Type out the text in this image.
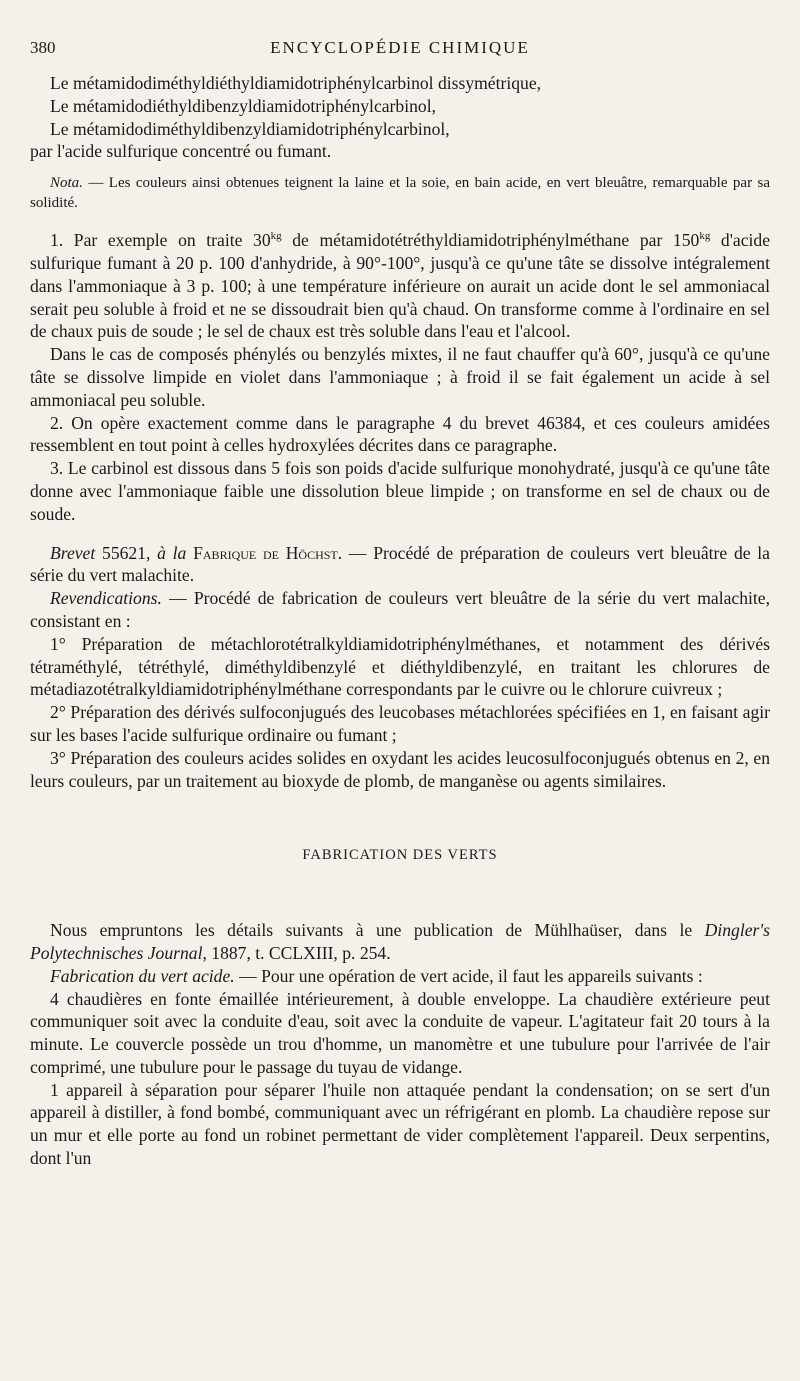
380	ENCYCLOPÉDIE CHIMIQUE

Le métamidodiméthyldiéthyldiamidotriphénylcarbinol dissymétrique,

Le métamidodiéthyldibenzyldiamidotriphénylcarbinol,

Le métamidodiméthyldibenzyldiamidotriphénylcarbinol,

par l'acide sulfurique concentré ou fumant.

Nota. — Les couleurs ainsi obtenues teignent la laine et la soie, en bain acide, en vert bleuâtre, remarquable par sa solidité.

1. Par exemple on traite $30^{kg}$ de métamidotétréthyldiamidotriphénylméthane par $150^{kg}$ d'acide sulfurique fumant à 20 p. 100 d'anhydride, à 90°-100°, jusqu'à ce qu'une tâte se dissolve intégralement dans l'ammoniaque à 3 p. 100; à une température inférieure on aurait un acide dont le sel ammoniacal serait peu soluble à froid et ne se dissoudrait bien qu'à chaud. On transforme comme à l'ordinaire en sel de chaux puis de soude ; le sel de chaux est très soluble dans l'eau et l'alcool.

Dans le cas de composés phénylés ou benzylés mixtes, il ne faut chauffer qu'à 60°, jusqu'à ce qu'une tâte se dissolve limpide en violet dans l'ammoniaque ; à froid il se fait également un acide à sel ammoniacal peu soluble.

2. On opère exactement comme dans le paragraphe 4 du brevet 46384, et ces couleurs amidées ressemblent en tout point à celles hydroxylées décrites dans ce paragraphe.

3. Le carbinol est dissous dans 5 fois son poids d'acide sulfurique monohydraté, jusqu'à ce qu'une tâte donne avec l'ammoniaque faible une dissolution bleue limpide ; on transforme en sel de chaux ou de soude.

Brevet 55621, à la Fabrique de Höchst. — Procédé de préparation de couleurs vert bleuâtre de la série du vert malachite.

Revendications. — Procédé de fabrication de couleurs vert bleuâtre de la série du vert malachite, consistant en :

1° Préparation de métachlorotétralkyldiamidotriphénylméthanes, et notamment des dérivés tétraméthylé, tétréthylé, diméthyldibenzylé et diéthyldibenzylé, en traitant les chlorures de métadiazotétralkyldiamidotriphénylméthane correspondants par le cuivre ou le chlorure cuivreux ;

2° Préparation des dérivés sulfoconjugués des leucobases métachlorées spécifiées en 1, en faisant agir sur les bases l'acide sulfurique ordinaire ou fumant ;

3° Préparation des couleurs acides solides en oxydant les acides leucosulfoconjugués obtenus en 2, en leurs couleurs, par un traitement au bioxyde de plomb, de manganèse ou agents similaires.

FABRICATION DES VERTS

Nous empruntons les détails suivants à une publication de Mühlhaüser, dans le Dingler's Polytechnisches Journal, 1887, t. CCLXIII, p. 254.

Fabrication du vert acide. — Pour une opération de vert acide, il faut les appareils suivants :

4 chaudières en fonte émaillée intérieurement, à double enveloppe. La chaudière extérieure peut communiquer soit avec la conduite d'eau, soit avec la conduite de vapeur. L'agitateur fait 20 tours à la minute. Le couvercle possède un trou d'homme, un manomètre et une tubulure pour l'arrivée de l'air comprimé, une tubulure pour le passage du tuyau de vidange.

1 appareil à séparation pour séparer l'huile non attaquée pendant la condensation; on se sert d'un appareil à distiller, à fond bombé, communiquant avec un réfrigérant en plomb. La chaudière repose sur un mur et elle porte au fond un robinet permettant de vider complètement l'appareil. Deux serpentins, dont l'un
